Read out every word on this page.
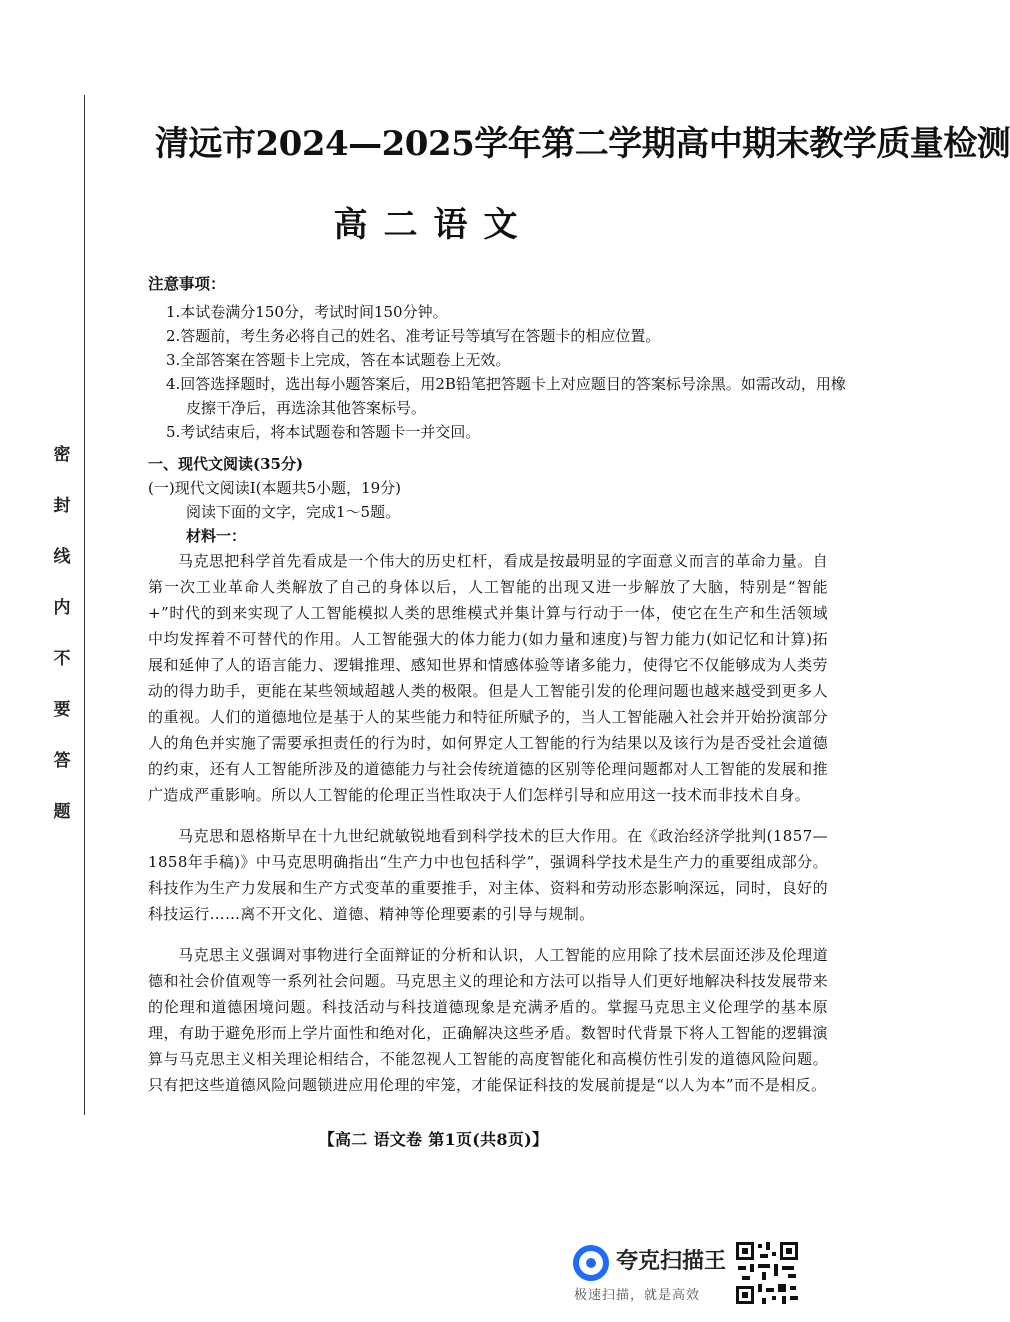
密
封
线
内
不
要
答
题
清远市2024—2025学年第二学期高中期末教学质量检测
高二语文
注意事项：
1.本试卷满分150分，考试时间150分钟。
2.答题前，考生务必将自己的姓名、准考证号等填写在答题卡的相应位置。
3.全部答案在答题卡上完成，答在本试题卷上无效。
4.回答选择题时，选出每小题答案后，用2B铅笔把答题卡上对应题目的答案标号涂黑。如需改动，用橡皮擦干净后，再选涂其他答案标号。
5.考试结束后，将本试题卷和答题卡一并交回。
一、现代文阅读(35分)
(一)现代文阅读Ⅰ(本题共5小题，19分)
阅读下面的文字，完成1～5题。
材料一：

马克思把科学首先看成是一个伟大的历史杠杆，看成是按最明显的字面意义而言的革命力量。自第一次工业革命人类解放了自己的身体以后，人工智能的出现又进一步解放了大脑，特别是“智能+”时代的到来实现了人工智能模拟人类的思维模式并集计算与行动于一体，使它在生产和生活领域中均发挥着不可替代的作用。人工智能强大的体力能力(如力量和速度)与智力能力(如记忆和计算)拓展和延伸了人的语言能力、逻辑推理、感知世界和情感体验等诸多能力，使得它不仅能够成为人类劳动的得力助手，更能在某些领域超越人类的极限。但是人工智能引发的伦理问题也越来越受到更多人的重视。人们的道德地位是基于人的某些能力和特征所赋予的，当人工智能融入社会并开始扮演部分人的角色并实施了需要承担责任的行为时，如何界定人工智能的行为结果以及该行为是否受社会道德的约束，还有人工智能所涉及的道德能力与社会传统道德的区别等伦理问题都对人工智能的发展和推广造成严重影响。所以人工智能的伦理正当性取决于人们怎样引导和应用这一技术而非技术自身。

马克思和恩格斯早在十九世纪就敏锐地看到科学技术的巨大作用。在《政治经济学批判(1857—1858年手稿)》中马克思明确指出“生产力中也包括科学”，强调科学技术是生产力的重要组成部分。科技作为生产力发展和生产方式变革的重要推手，对主体、资料和劳动形态影响深远，同时，良好的科技运行……离不开文化、道德、精神等伦理要素的引导与规制。

马克思主义强调对事物进行全面辩证的分析和认识，人工智能的应用除了技术层面还涉及伦理道德和社会价值观等一系列社会问题。马克思主义的理论和方法可以指导人们更好地解决科技发展带来的伦理和道德困境问题。科技活动与科技道德现象是充满矛盾的。掌握马克思主义伦理学的基本原理，有助于避免形而上学片面性和绝对化，正确解决这些矛盾。数智时代背景下将人工智能的逻辑演算与马克思主义相关理论相结合，不能忽视人工智能的高度智能化和高模仿性引发的道德风险问题。只有把这些道德风险问题锁进应用伦理的牢笼，才能保证科技的发展前提是“以人为本”而不是相反。

【高二 语文卷 第1页(共8页)】
夸克扫描王
极速扫描，就是高效
